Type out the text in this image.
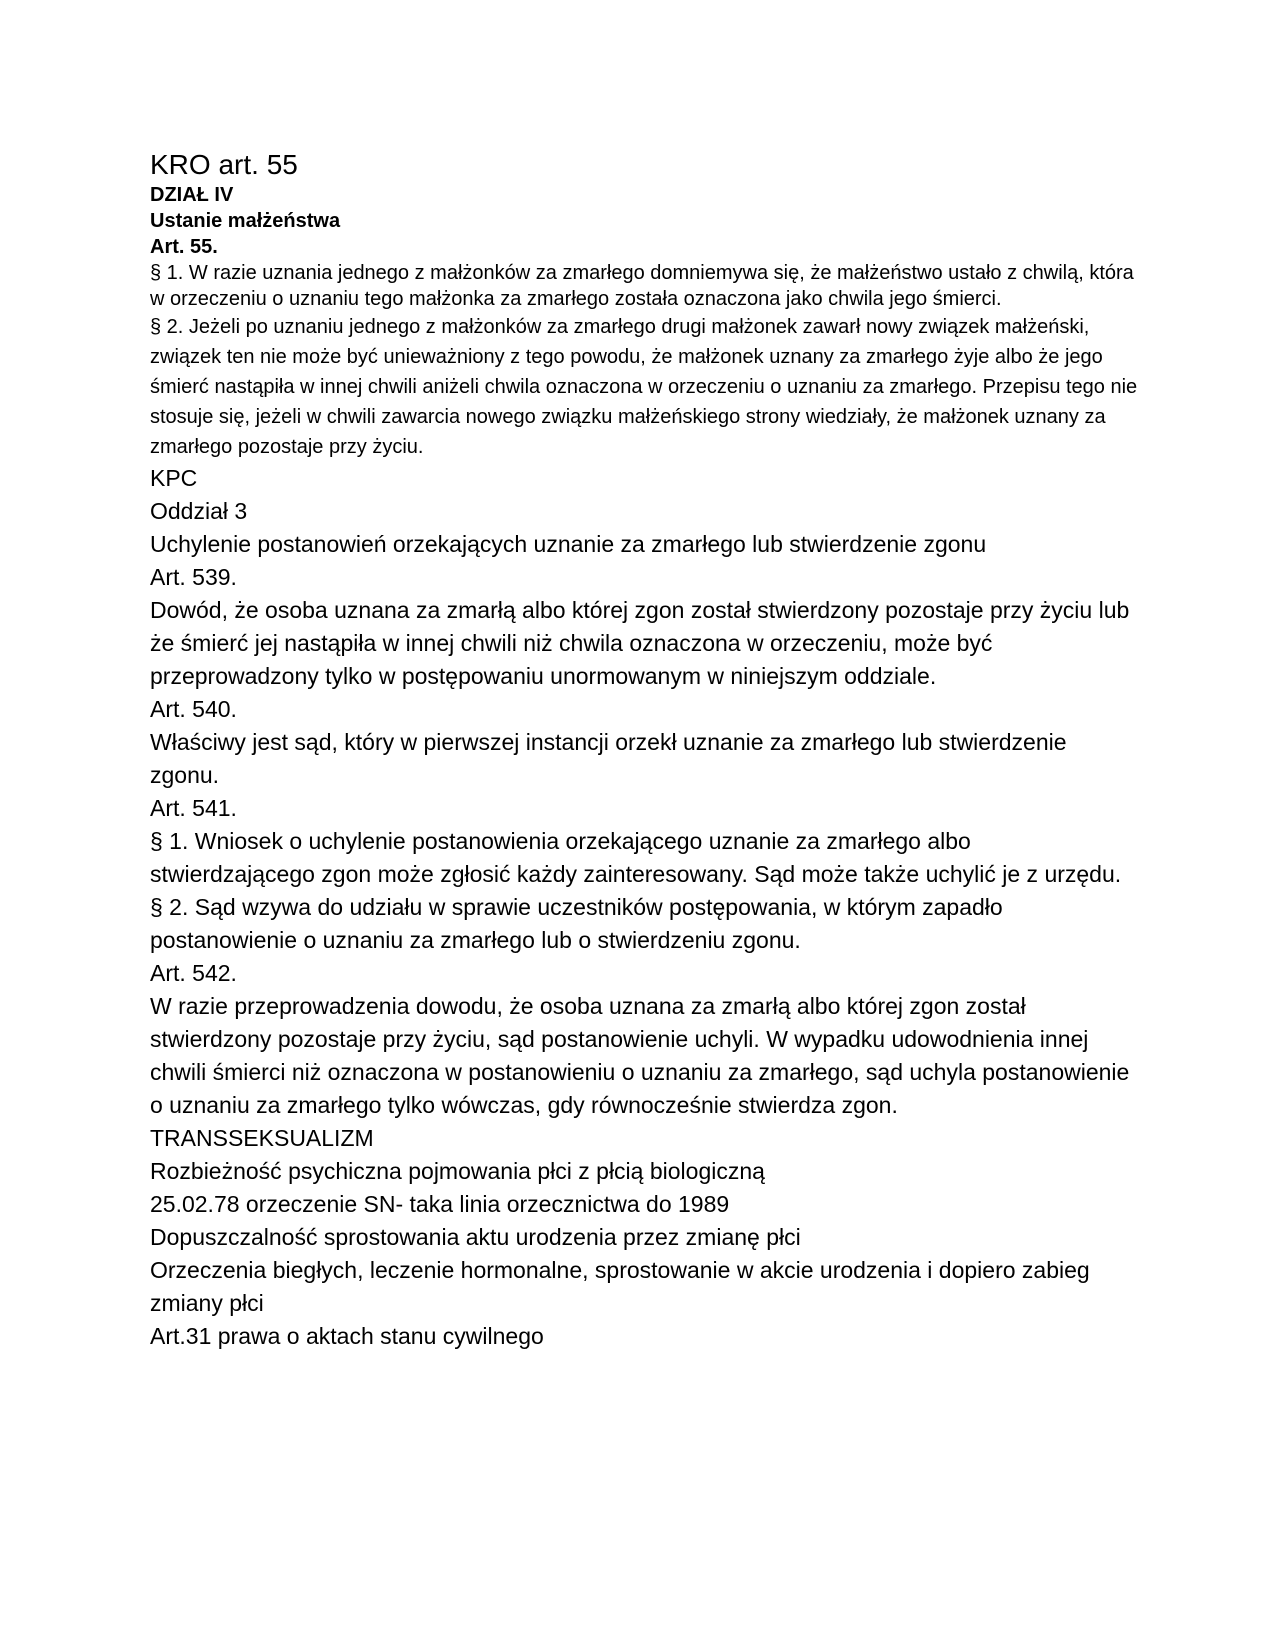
KRO art. 55

DZIAŁ IV

Ustanie małżeństwa

Art. 55.

§ 1. W razie uznania jednego z małżonków za zmarłego domniemywa się, że małżeństwo ustało z chwilą, która w orzeczeniu o uznaniu tego małżonka za zmarłego została oznaczona jako chwila jego śmierci.

§ 2. Jeżeli po uznaniu jednego z małżonków za zmarłego drugi małżonek zawarł nowy związek małżeński, związek ten nie może być unieważniony z tego powodu, że małżonek uznany za zmarłego żyje albo że jego śmierć nastąpiła w innej chwili aniżeli chwila oznaczona w orzeczeniu o uznaniu za zmarłego. Przepisu tego nie stosuje się, jeżeli w chwili zawarcia nowego związku małżeńskiego strony wiedziały, że małżonek uznany za zmarłego pozostaje przy życiu.

KPC

Oddział 3

Uchylenie postanowień orzekających uznanie za zmarłego lub stwierdzenie zgonu

Art. 539.

Dowód, że osoba uznana za zmarłą albo której zgon został stwierdzony pozostaje przy życiu lub że śmierć jej nastąpiła w innej chwili niż chwila oznaczona w orzeczeniu, może być przeprowadzony tylko w postępowaniu unormowanym w niniejszym oddziale.

Art. 540.

Właściwy jest sąd, który w pierwszej instancji orzekł uznanie za zmarłego lub stwierdzenie zgonu.

Art. 541.

§ 1. Wniosek o uchylenie postanowienia orzekającego uznanie za zmarłego albo stwierdzającego zgon może zgłosić każdy zainteresowany. Sąd może także uchylić je z urzędu.

§ 2. Sąd wzywa do udziału w sprawie uczestników postępowania, w którym zapadło postanowienie o uznaniu za zmarłego lub o stwierdzeniu zgonu.

Art. 542.

W razie przeprowadzenia dowodu, że osoba uznana za zmarłą albo której zgon został stwierdzony pozostaje przy życiu, sąd postanowienie uchyli. W wypadku udowodnienia innej chwili śmierci niż oznaczona w postanowieniu o uznaniu za zmarłego, sąd uchyla postanowienie o uznaniu za zmarłego tylko wówczas, gdy równocześnie stwierdza zgon.

TRANSSEKSUALIZM

Rozbieżność psychiczna pojmowania płci z płcią biologiczną

25.02.78 orzeczenie SN- taka linia orzecznictwa do 1989

Dopuszczalność sprostowania aktu urodzenia przez zmianę płci

Orzeczenia biegłych, leczenie hormonalne, sprostowanie w akcie urodzenia i dopiero zabieg zmiany płci

Art.31 prawa o aktach stanu cywilnego
